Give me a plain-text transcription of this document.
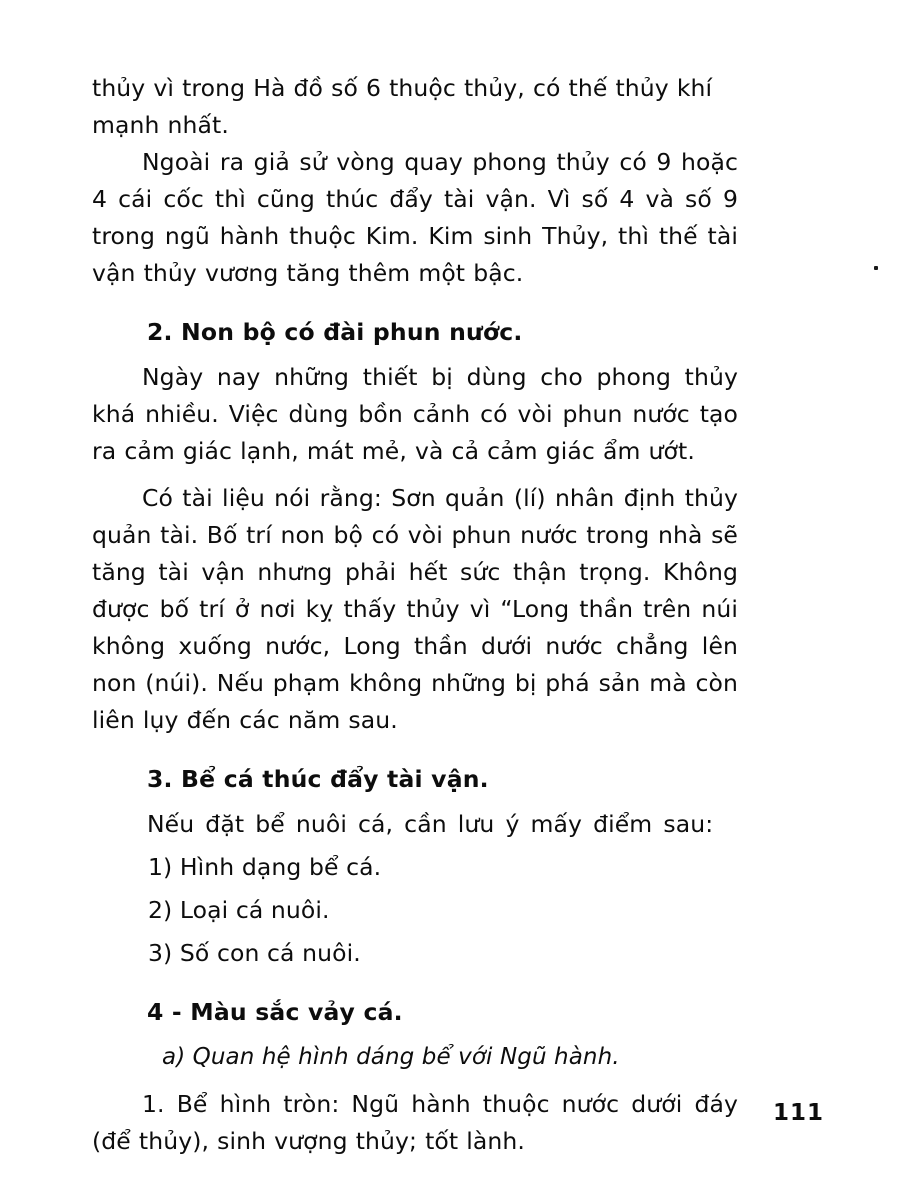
thủy vì trong Hà đồ số 6 thuộc thủy, có thế thủy khí mạnh nhất.

Ngoài ra giả sử vòng quay phong thủy có 9 hoặc 4 cái cốc thì cũng thúc đẩy tài vận. Vì số 4 và số 9 trong ngũ hành thuộc Kim. Kim sinh Thủy, thì thế tài vận thủy vương tăng thêm một bậc.

2. Non bộ có đài phun nước.

Ngày nay những thiết bị dùng cho phong thủy khá nhiều. Việc dùng bồn cảnh có vòi phun nước tạo ra cảm giác lạnh, mát mẻ, và cả cảm giác ẩm ướt.

Có tài liệu nói rằng: Sơn quản (lí) nhân định thủy quản tài. Bố trí non bộ có vòi phun nước trong nhà sẽ tăng tài vận nhưng phải hết sức thận trọng. Không được bố trí ở nơi kỵ thấy thủy vì “Long thần trên núi không xuống nước, Long thần dưới nước chẳng lên non (núi). Nếu phạm không những bị phá sản mà còn liên lụy đến các năm sau.

3. Bể cá thúc đẩy tài vận.

Nếu đặt bể nuôi cá, cần lưu ý mấy điểm sau:

1) Hình dạng bể cá.

2) Loại cá nuôi.

3) Số con cá nuôi.

4 - Màu sắc vảy cá.

a) Quan hệ hình dáng bể với Ngũ hành.

1. Bể hình tròn: Ngũ hành thuộc nước dưới đáy (để thủy), sinh vượng thủy; tốt lành.

111
